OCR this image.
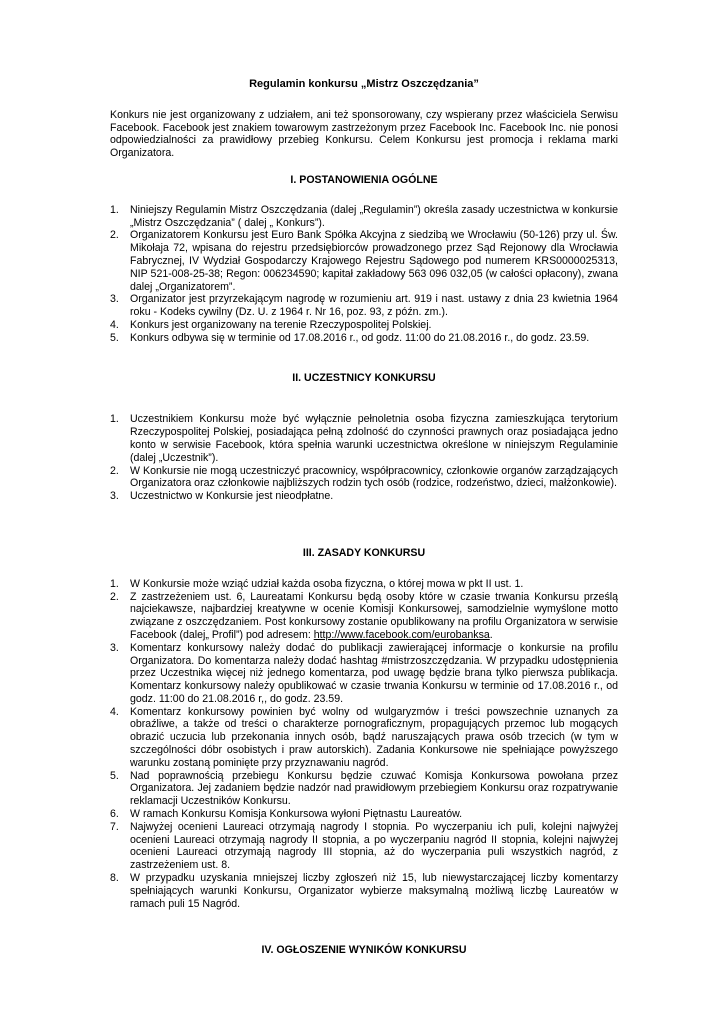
Regulamin konkursu „Mistrz Oszczędzania”

Konkurs nie jest organizowany z udziałem, ani też sponsorowany, czy wspierany przez właściciela Serwisu Facebook. Facebook jest znakiem towarowym zastrzeżonym przez Facebook Inc. Facebook Inc. nie ponosi odpowiedzialności za prawidłowy przebieg Konkursu. Celem Konkursu jest promocja i reklama marki Organizatora.

I. POSTANOWIENIA OGÓLNE
1. Niniejszy Regulamin Mistrz Oszczędzania (dalej „Regulamin”) określa zasady uczestnictwa w konkursie „Mistrz Oszczędzania” ( dalej „ Konkurs”).
2. Organizatorem Konkursu jest Euro Bank Spółka Akcyjna z siedzibą we Wrocławiu (50-126) przy ul. Św. Mikołaja 72, wpisana do rejestru przedsiębiorców prowadzonego przez Sąd Rejonowy dla Wrocławia Fabrycznej, IV Wydział Gospodarczy Krajowego Rejestru Sądowego pod numerem KRS0000025313, NIP 521-008-25-38; Regon: 006234590; kapitał zakładowy 563 096 032,05 (w całości opłacony), zwana dalej „Organizatorem”.
3. Organizator jest przyrzekającym nagrodę w rozumieniu art. 919 i nast. ustawy z dnia 23 kwietnia 1964 roku - Kodeks cywilny (Dz. U. z 1964 r. Nr 16, poz. 93, z późn. zm.).
4. Konkurs jest organizowany na terenie Rzeczypospolitej Polskiej.
5. Konkurs odbywa się w terminie od 17.08.2016 r., od godz. 11:00 do 21.08.2016 r., do godz. 23.59.
II. UCZESTNICY KONKURSU
1. Uczestnikiem Konkursu może być wyłącznie pełnoletnia osoba fizyczna zamieszkująca terytorium Rzeczypospolitej Polskiej, posiadająca pełną zdolność do czynności prawnych oraz posiadająca jedno konto w serwisie Facebook, która spełnia warunki uczestnictwa określone w niniejszym Regulaminie (dalej „Uczestnik”).
2. W Konkursie nie mogą uczestniczyć pracownicy, współpracownicy, członkowie organów zarządzających Organizatora oraz członkowie najbliższych rodzin tych osób (rodzice, rodzeństwo, dzieci, małżonkowie).
3. Uczestnictwo w Konkursie jest nieodpłatne.
III. ZASADY KONKURSU
1. W Konkursie może wziąć udział każda osoba fizyczna, o której mowa w pkt II ust. 1.
2. Z zastrzeżeniem ust. 6, Laureatami Konkursu będą osoby które w czasie trwania Konkursu prześlą najciekawsze, najbardziej kreatywne w ocenie Komisji Konkursowej, samodzielnie wymyślone motto związane z oszczędzaniem. Post konkursowy zostanie opublikowany na profilu Organizatora w serwisie Facebook (dalej„ Profil”) pod adresem: http://www.facebook.com/eurobanksa.
3. Komentarz konkursowy należy dodać do publikacji zawierającej informacje o konkursie na profilu Organizatora. Do komentarza należy dodać hashtag #mistrzoszczędzania. W przypadku udostępnienia przez Uczestnika więcej niż jednego komentarza, pod uwagę będzie brana tylko pierwsza publikacja. Komentarz konkursowy należy opublikować w czasie trwania Konkursu w terminie od 17.08.2016 r., od godz. 11:00 do 21.08.2016 r,, do godz. 23.59.
4. Komentarz konkursowy powinien być wolny od wulgaryzmów i treści powszechnie uznanych za obraźliwe, a także od treści o charakterze pornograficznym, propagujących przemoc lub mogących obrazić uczucia lub przekonania innych osób, bądź naruszających prawa osób trzecich (w tym w szczególności dóbr osobistych i praw autorskich). Zadania Konkursowe nie spełniające powyższego warunku zostaną pominięte przy przyznawaniu nagród.
5. Nad poprawnością przebiegu Konkursu będzie czuwać Komisja Konkursowa powołana przez Organizatora. Jej zadaniem będzie nadzór nad prawidłowym przebiegiem Konkursu oraz rozpatrywanie reklamacji Uczestników Konkursu.
6. W ramach Konkursu Komisja Konkursowa wyłoni Piętnastu Laureatów.
7. Najwyżej ocenieni Laureaci otrzymają nagrody I stopnia. Po wyczerpaniu ich puli, kolejni najwyżej ocenieni Laureaci otrzymają nagrody II stopnia, a po wyczerpaniu nagród II stopnia, kolejni najwyżej ocenieni Laureaci otrzymają nagrody III stopnia, aż do wyczerpania puli wszystkich nagród, z zastrzeżeniem ust. 8.
8. W przypadku uzyskania mniejszej liczby zgłoszeń niż 15, lub niewystarczającej liczby komentarzy spełniających warunki Konkursu, Organizator wybierze maksymalną możliwą liczbę Laureatów w ramach puli 15 Nagród.
IV. OGŁOSZENIE WYNIKÓW KONKURSU
